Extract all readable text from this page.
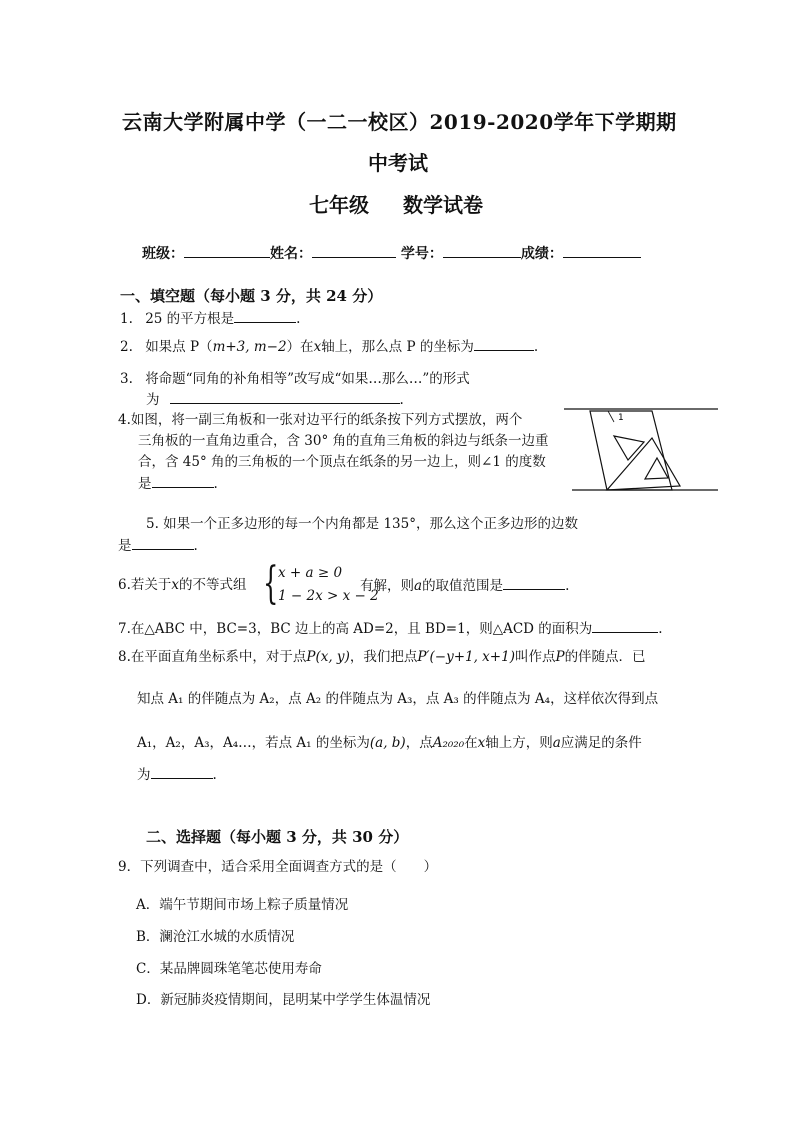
云南大学附属中学（一二一校区）2019-2020学年下学期期
中考试
七年级 数学试卷
班级：	姓名：	学号：	成绩：
一、填空题（每小题 3 分，共 24 分）
1. 25 的平方根是	.
2. 如果点 P（m+3, m−2）在x轴上，那么点 P 的坐标为	.
3. 将命题“同角的补角相等”改写成“如果…那么…”的形式
为	.
4.如图，将一副三角板和一张对边平行的纸条按下列方式摆放，两个
三角板的一直角边重合，含 30° 角的直角三角板的斜边与纸条一边重
合，含 45° 角的三角板的一个顶点在纸条的另一边上，则∠1 的度数
是	.
1
5. 如果一个正多边形的每一个内角都是 135°，那么这个正多边形的边数
是	.
6.若关于x的不等式组 { x + a ≥ 0
1 − 2x > x − 2
有解，则a的取值范围是	.
7.在△ABC 中，BC=3，BC 边上的高 AD=2，且 BD=1，则△ACD 的面积为	.
8.在平面直角坐标系中，对于点P(x, y)，我们把点P′(−y+1, x+1)叫作点P的伴随点．已
知点 A₁ 的伴随点为 A₂，点 A₂ 的伴随点为 A₃，点 A₃ 的伴随点为 A₄，这样依次得到点
A₁，A₂，A₃，A₄…，若点 A₁ 的坐标为(a, b)，点A₂₀₂₀在x轴上方，则a应满足的条件
为	.
二、选择题（每小题 3 分，共 30 分）
9．下列调查中，适合采用全面调查方式的是（　　）
A．端午节期间市场上粽子质量情况
B．澜沧江水城的水质情况
C．某品牌圆珠笔笔芯使用寿命
D．新冠肺炎疫情期间，昆明某中学学生体温情况
